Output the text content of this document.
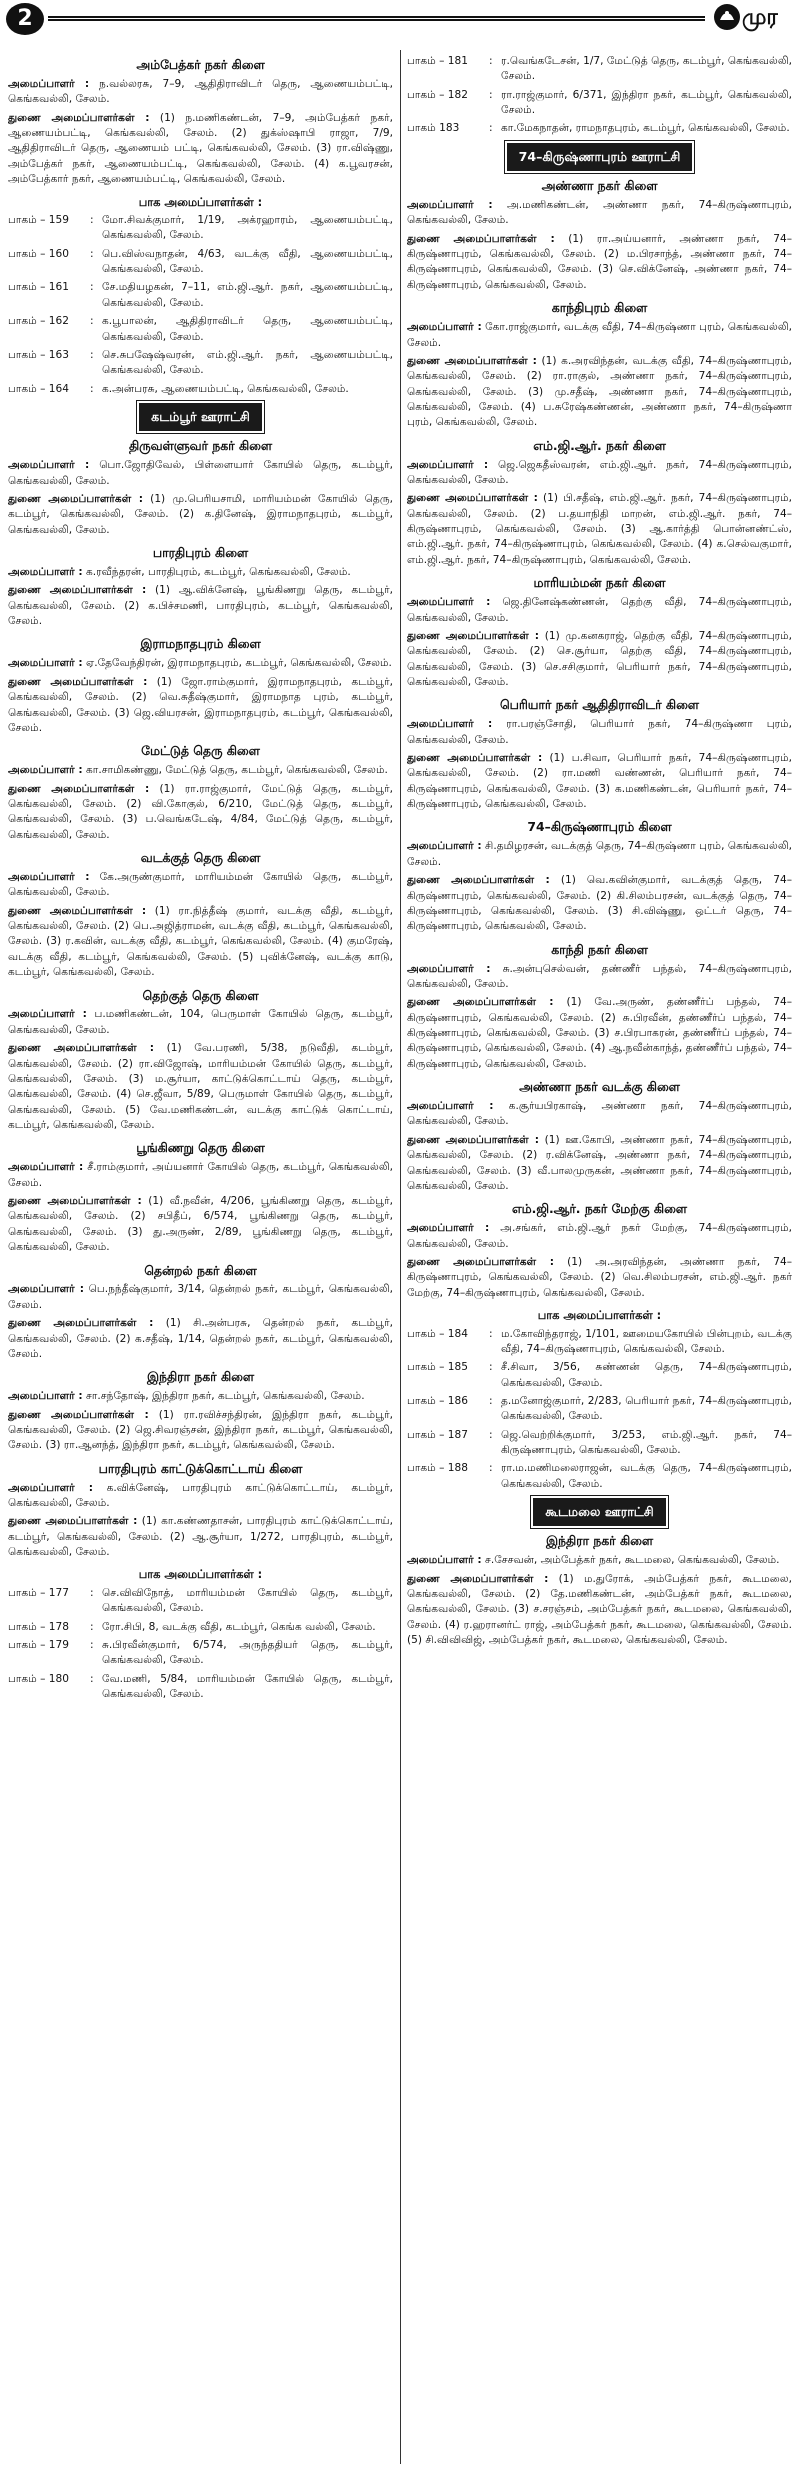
2	முர
அம்பேத்கர் நகர் கிளை
அமைப்பாளர் : ந.வல்லரசு, 7–9, ஆதிதிராவிடர் தெரு, ஆணையம்பட்டி, கெங்கவல்லி, சேலம்.
துணை அமைப்பாளர்கள் : (1) ந.மணிகண்டன், 7–9, அம்பேத்கர் நகர், ஆணையம்பட்டி, கெங்கவல்லி, சேலம். (2) துக்ஸ்ஷாபி ராஜா, 7/9, ஆதிதிராவிடர் தெரு, ஆணையம் பட்டி, கெங்கவல்லி, சேலம். (3) ரா.விஷ்ணு, அம்பேத்கர் நகர், ஆணையம்பட்டி, கெங்கவல்லி, சேலம். (4) க.பூவரசன், அம்பேத்கார் நகர், ஆணையம்பட்டி, கெங்கவல்லி, சேலம்.
பாக அமைப்பாளர்கள் :
பாகம் – 159	: மோ.சிவக்குமார், 1/19, அக்ரஹாரம், ஆணையம்பட்டி, கெங்கவல்லி, சேலம்.
பாகம் – 160	: பெ.விஸ்வநாதன், 4/63, வடக்கு வீதி, ஆணையம்பட்டி, கெங்கவல்லி, சேலம்.
பாகம் – 161	: சே.மதியழகன், 7–11, எம்.ஜி.ஆர். நகர், ஆணையம்பட்டி, கெங்கவல்லி, சேலம்.
பாகம் – 162	: க.பூபாலன், ஆதிதிராவிடர் தெரு, ஆணையம்பட்டி, கெங்கவல்லி, சேலம்.
பாகம் – 163	: செ.சுபஷேஷ்வரன், எம்.ஜி.ஆர். நகர், ஆணையம்பட்டி, கெங்கவல்லி, சேலம்.
பாகம் – 164	: க.அன்பரசு, ஆணையம்பட்டி, கெங்கவல்லி, சேலம்.
கடம்பூர் ஊராட்சி
திருவள்ளுவர் நகர் கிளை
அமைப்பாளர் : பொ.ஜோதிவேல், பிள்ளையார் கோயில் தெரு, கடம்பூர், கெங்கவல்லி, சேலம்.
துணை அமைப்பாளர்கள் : (1) மு.பெரியசாமி, மாரியம்மன் கோயில் தெரு, கடம்பூர், கெங்கவல்லி, சேலம். (2) க.தினேஷ், இராமநாதபுரம், கடம்பூர், கெங்கவல்லி, சேலம்.
பாரதிபுரம் கிளை
அமைப்பாளர் : க.ரவீந்தரன், பாரதிபுரம், கடம்பூர், கெங்கவல்லி, சேலம்.
துணை அமைப்பாளர்கள் : (1) ஆ.விக்னேஷ், பூங்கிணறு தெரு, கடம்பூர், கெங்கவல்லி, சேலம். (2) க.பிச்சமணி, பாரதிபுரம், கடம்பூர், கெங்கவல்லி, சேலம்.
இராமநாதபுரம் கிளை
அமைப்பாளர் : ஏ.தேவேந்திரன், இராமநாதபுரம், கடம்பூர், கெங்கவல்லி, சேலம்.
துணை அமைப்பாளர்கள் : (1) ஜோ.ராம்குமார், இராமநாதபுரம், கடம்பூர், கெங்கவல்லி, சேலம். (2) வெ.சுதீஷ்குமார், இராமநாத புரம், கடம்பூர், கெங்கவல்லி, சேலம். (3) ஜெ.வியரசன், இராமநாதபுரம், கடம்பூர், கெங்கவல்லி, சேலம்.
மேட்டுத் தெரு கிளை
அமைப்பாளர் : கா.சாமிகண்ணு, மேட்டுத் தெரு, கடம்பூர், கெங்கவல்லி, சேலம்.
துணை அமைப்பாளர்கள் : (1) ரா.ராஜ்குமார், மேட்டுத் தெரு, கடம்பூர், கெங்கவல்லி, சேலம். (2) வி.கோகுல், 6/210, மேட்டுத் தெரு, கடம்பூர், கெங்கவல்லி, சேலம். (3) ப.வெங்கடேஷ், 4/84, மேட்டுத் தெரு, கடம்பூர், கெங்கவல்லி, சேலம்.
வடக்குத் தெரு கிளை
அமைப்பாளர் : கே.அருண்குமார், மாரியம்மன் கோயில் தெரு, கடம்பூர், கெங்கவல்லி, சேலம்.
துணை அமைப்பாளர்கள் : (1) ரா.நித்தீஷ் குமார், வடக்கு வீதி, கடம்பூர், கெங்கவல்லி, சேலம். (2) பெ.அஜித்ராமன், வடக்கு வீதி, கடம்பூர், கெங்கவல்லி, சேலம். (3) ர.கவின், வடக்கு வீதி, கடம்பூர், கெங்கவல்லி, சேலம். (4) குமரேஷ், வடக்கு வீதி, கடம்பூர், கெங்கவல்லி, சேலம். (5) புவிக்னேஷ், வடக்கு காடு, கடம்பூர், கெங்கவல்லி, சேலம்.
தெற்குத் தெரு கிளை
அமைப்பாளர் : ப.மணிகண்டன், 104, பெருமாள் கோயில் தெரு, கடம்பூர், கெங்கவல்லி, சேலம்.
துணை அமைப்பாளர்கள் : (1) வே.பரணி, 5/38, நடுவீதி, கடம்பூர், கெங்கவல்லி, சேலம். (2) ரா.விஜோஷ், மாரியம்மன் கோயில் தெரு, கடம்பூர், கெங்கவல்லி, சேலம். (3) ம.சூர்யா, காட்டுக்கொட்டாய் தெரு, கடம்பூர், கெங்கவல்லி, சேலம். (4) செ.ஜீவா, 5/89, பெருமாள் கோயில் தெரு, கடம்பூர், கெங்கவல்லி, சேலம். (5) வே.மணிகண்டன், வடக்கு காட்டுக் கொட்டாய், கடம்பூர், கெங்கவல்லி, சேலம்.
பூங்கிணறு தெரு கிளை
அமைப்பாளர் : சீ.ராம்குமார், அய்யனார் கோயில் தெரு, கடம்பூர், கெங்கவல்லி, சேலம்.
துணை அமைப்பாளர்கள் : (1) வீ.நவீன், 4/206, பூங்கிணறு தெரு, கடம்பூர், கெங்கவல்லி, சேலம். (2) சபிதீப், 6/574, பூங்கிணறு தெரு, கடம்பூர், கெங்கவல்லி, சேலம். (3) து.அருண், 2/89, பூங்கிணறு தெரு, கடம்பூர், கெங்கவல்லி, சேலம்.
தென்றல் நகர் கிளை
அமைப்பாளர் : பெ.நந்தீஷ்குமார், 3/14, தென்றல் நகர், கடம்பூர், கெங்கவல்லி, சேலம்.
துணை அமைப்பாளர்கள் : (1) சி.அன்பரசு, தென்றல் நகர், கடம்பூர், கெங்கவல்லி, சேலம். (2) க.சதீஷ், 1/14, தென்றல் நகர், கடம்பூர், கெங்கவல்லி, சேலம்.
இந்திரா நகர் கிளை
அமைப்பாளர் : சா.சந்தோஷ், இந்திரா நகர், கடம்பூர், கெங்கவல்லி, சேலம்.
துணை அமைப்பாளர்கள் : (1) ரா.ரவிச்சந்திரன், இந்திரா நகர், கடம்பூர், கெங்கவல்லி, சேலம். (2) ஜெ.சிவரஞ்சன், இந்திரா நகர், கடம்பூர், கெங்கவல்லி, சேலம். (3) ரா.ஆனந்த், இந்திரா நகர், கடம்பூர், கெங்கவல்லி, சேலம்.
பாரதிபுரம் காட்டுக்கொட்டாய் கிளை
அமைப்பாளர் : க.விக்னேஷ், பாரதிபுரம் காட்டுக்கொட்டாய், கடம்பூர், கெங்கவல்லி, சேலம்.
துணை அமைப்பாளர்கள் : (1) கா.கண்ணதாசன், பாரதிபுரம் காட்டுக்கொட்டாய், கடம்பூர், கெங்கவல்லி, சேலம். (2) ஆ.சூர்யா, 1/272, பாரதிபுரம், கடம்பூர், கெங்கவல்லி, சேலம்.
பாக அமைப்பாளர்கள் :
பாகம் – 177	: செ.விவிநோத், மாரியம்மன் கோயில் தெரு, கடம்பூர், கெங்கவல்லி, சேலம்.
பாகம் – 178	: ரோ.சிபி, 8, வடக்கு வீதி, கடம்பூர், கெங்க வல்லி, சேலம்.
பாகம் – 179	: சு.பிரவீன்குமார், 6/574, அருந்ததியர் தெரு, கடம்பூர், கெங்கவல்லி, சேலம்.
பாகம் – 180	: வே.மணி, 5/84, மாரியம்மன் கோயில் தெரு, கடம்பூர், கெங்கவல்லி, சேலம்.
பாகம் – 181	: ர.வெங்கடேசன், 1/7, மேட்டுத் தெரு, கடம்பூர், கெங்கவல்லி, சேலம்.
பாகம் – 182	: ரா.ராஜ்குமார், 6/371, இந்திரா நகர், கடம்பூர், கெங்கவல்லி, சேலம்.
பாகம் 183	: கா.மேகநாதன், ராமநாதபுரம், கடம்பூர், கெங்கவல்லி, சேலம்.
74–கிருஷ்ணாபுரம் ஊராட்சி
அண்ணா நகர் கிளை
அமைப்பாளர் : அ.மணிகண்டன், அண்ணா நகர், 74–கிருஷ்ணாபுரம், கெங்கவல்லி, சேலம்.
துணை அமைப்பாளர்கள் : (1) ரா.அய்யனார், அண்ணா நகர், 74–கிருஷ்ணாபுரம், கெங்கவல்லி, சேலம். (2) ம.பிரசாந்த், அண்ணா நகர், 74–கிருஷ்ணாபுரம், கெங்கவல்லி, சேலம். (3) செ.விக்னேஷ், அண்ணா நகர், 74–கிருஷ்ணாபுரம், கெங்கவல்லி, சேலம்.
காந்திபுரம் கிளை
அமைப்பாளர் : கோ.ராஜ்குமார், வடக்கு வீதி, 74–கிருஷ்ணா புரம், கெங்கவல்லி, சேலம்.
துணை அமைப்பாளர்கள் : (1) க.அரவிந்தன், வடக்கு வீதி, 74–கிருஷ்ணாபுரம், கெங்கவல்லி, சேலம். (2) ரா.ராகுல், அண்ணா நகர், 74–கிருஷ்ணாபுரம், கெங்கவல்லி, சேலம். (3) மு.சதீஷ், அண்ணா நகர், 74–கிருஷ்ணாபுரம், கெங்கவல்லி, சேலம். (4) ப.சுரேஷ்கண்ணன், அண்ணா நகர், 74–கிருஷ்ணா புரம், கெங்கவல்லி, சேலம்.
எம்.ஜி.ஆர். நகர் கிளை
அமைப்பாளர் : ஜெ.ஜெகதீஸ்வரன், எம்.ஜி.ஆர். நகர், 74–கிருஷ்ணாபுரம், கெங்கவல்லி, சேலம்.
துணை அமைப்பாளர்கள் : (1) பி.சதீஷ், எம்.ஜி.ஆர். நகர், 74–கிருஷ்ணாபுரம், கெங்கவல்லி, சேலம். (2) ப.தயாநிதி மாறன், எம்.ஜி.ஆர். நகர், 74–கிருஷ்ணாபுரம், கெங்கவல்லி, சேலம். (3) ஆ.கார்த்தி பொன்னண்ட்ஸ், எம்.ஜி.ஆர். நகர், 74–கிருஷ்ணாபுரம், கெங்கவல்லி, சேலம். (4) க.செல்வகுமார், எம்.ஜி.ஆர். நகர், 74–கிருஷ்ணாபுரம், கெங்கவல்லி, சேலம்.
மாரியம்மன் நகர் கிளை
அமைப்பாளர் : ஜெ.தினேஷ்கண்ணன், தெற்கு வீதி, 74–கிருஷ்ணாபுரம், கெங்கவல்லி, சேலம்.
துணை அமைப்பாளர்கள் : (1) மு.கனகராஜ், தெற்கு வீதி, 74–கிருஷ்ணாபுரம், கெங்கவல்லி, சேலம். (2) செ.சூர்யா, தெற்கு வீதி, 74–கிருஷ்ணாபுரம், கெங்கவல்லி, சேலம். (3) செ.சசிகுமார், பெரியார் நகர், 74–கிருஷ்ணாபுரம், கெங்கவல்லி, சேலம்.
பெரியார் நகர் ஆதிதிராவிடர் கிளை
அமைப்பாளர் : ரா.பரஞ்சோதி, பெரியார் நகர், 74–கிருஷ்ணா புரம், கெங்கவல்லி, சேலம்.
துணை அமைப்பாளர்கள் : (1) ப.சிவா, பெரியார் நகர், 74–கிருஷ்ணாபுரம், கெங்கவல்லி, சேலம். (2) ரா.மணி வண்ணன், பெரியார் நகர், 74–கிருஷ்ணாபுரம், கெங்கவல்லி, சேலம். (3) க.மணிகண்டன், பெரியார் நகர், 74–கிருஷ்ணாபுரம், கெங்கவல்லி, சேலம்.
74–கிருஷ்ணாபுரம் கிளை
அமைப்பாளர் : சி.தமிழரசன், வடக்குத் தெரு, 74–கிருஷ்ணா புரம், கெங்கவல்லி, சேலம்.
துணை அமைப்பாளர்கள் : (1) வெ.கவின்குமார், வடக்குத் தெரு, 74–கிருஷ்ணாபுரம், கெங்கவல்லி, சேலம். (2) கி.சிலம்பரசன், வடக்குத் தெரு, 74–கிருஷ்ணாபுரம், கெங்கவல்லி, சேலம். (3) சி.விஷ்ணு, ஒட்டர் தெரு, 74–கிருஷ்ணாபுரம், கெங்கவல்லி, சேலம்.
காந்தி நகர் கிளை
அமைப்பாளர் : சு.அன்புசெல்வன், தண்ணீர் பந்தல், 74–கிருஷ்ணாபுரம், கெங்கவல்லி, சேலம்.
துணை அமைப்பாளர்கள் : (1) வே.அருண், தண்ணீர்ப் பந்தல், 74–கிருஷ்ணாபுரம், கெங்கவல்லி, சேலம். (2) சு.பிரவீன், தண்ணீர்ப் பந்தல், 74–கிருஷ்ணாபுரம், கெங்கவல்லி, சேலம். (3) ச.பிரபாகரன், தண்ணீர்ப் பந்தல், 74–கிருஷ்ணாபுரம், கெங்கவல்லி, சேலம். (4) ஆ.நவீன்காந்த், தண்ணீர்ப் பந்தல், 74–கிருஷ்ணாபுரம், கெங்கவல்லி, சேலம்.
அண்ணா நகர் வடக்கு கிளை
அமைப்பாளர் : க.சூர்யபிரகாஷ், அண்ணா நகர், 74–கிருஷ்ணாபுரம், கெங்கவல்லி, சேலம்.
துணை அமைப்பாளர்கள் : (1) ஊ.கோபி, அண்ணா நகர், 74–கிருஷ்ணாபுரம், கெங்கவல்லி, சேலம். (2) ர.விக்னேஷ், அண்ணா நகர், 74–கிருஷ்ணாபுரம், கெங்கவல்லி, சேலம். (3) வீ.பாலமுருகன், அண்ணா நகர், 74–கிருஷ்ணாபுரம், கெங்கவல்லி, சேலம்.
எம்.ஜி.ஆர். நகர் மேற்கு கிளை
அமைப்பாளர் : அ.சங்கர், எம்.ஜி.ஆர் நகர் மேற்கு, 74–கிருஷ்ணாபுரம், கெங்கவல்லி, சேலம்.
துணை அமைப்பாளர்கள் : (1) அ.அரவிந்தன், அண்ணா நகர், 74–கிருஷ்ணாபுரம், கெங்கவல்லி, சேலம். (2) வெ.சிலம்பரசன், எம்.ஜி.ஆர். நகர் மேற்கு, 74–கிருஷ்ணாபுரம், கெங்கவல்லி, சேலம்.
பாக அமைப்பாளர்கள் :
பாகம் – 184	: ம.கோவிந்தராஜ், 1/101, ஊமையகோயில் பின்புறம், வடக்கு வீதி, 74–கிருஷ்ணாபுரம், கெங்கவல்லி, சேலம்.
பாகம் – 185	: சீ.சிவா, 3/56, சுண்ணன் தெரு, 74–கிருஷ்ணாபுரம், கெங்கவல்லி, சேலம்.
பாகம் – 186	: த.மனோஜ்குமார், 2/283, பெரியார் நகர், 74–கிருஷ்ணாபுரம், கெங்கவல்லி, சேலம்.
பாகம் – 187	: ஜெ.வெற்றிக்குமார், 3/253, எம்.ஜி.ஆர். நகர், 74–கிருஷ்ணாபுரம், கெங்கவல்லி, சேலம்.
பாகம் – 188	: ரா.ம.மணிமலைராஜன், வடக்கு தெரு, 74–கிருஷ்ணாபுரம், கெங்கவல்லி, சேலம்.
கூடமலை ஊராட்சி
இந்திரா நகர் கிளை
அமைப்பாளர் : ச.சேசவன், அம்பேத்கர் நகர், கூடமலை, கெங்கவல்லி, சேலம்.
துணை அமைப்பாளர்கள் : (1) ம.துரோக், அம்பேத்கர் நகர், கூடமலை, கெங்கவல்லி, சேலம். (2) தே.மணிகண்டன், அம்பேத்கர் நகர், கூடமலை, கெங்கவல்லி, சேலம். (3) ச.சரஞ்சம், அம்பேத்கர் நகர், கூடமலை, கெங்கவல்லி, சேலம். (4) ர.ஹரானர்ட் ராஜ், அம்பேத்கர் நகர், கூடமலை, கெங்கவல்லி, சேலம். (5) சி.விவிவிஜ், அம்பேத்கர் நகர், கூடமலை, கெங்கவல்லி, சேலம்.
